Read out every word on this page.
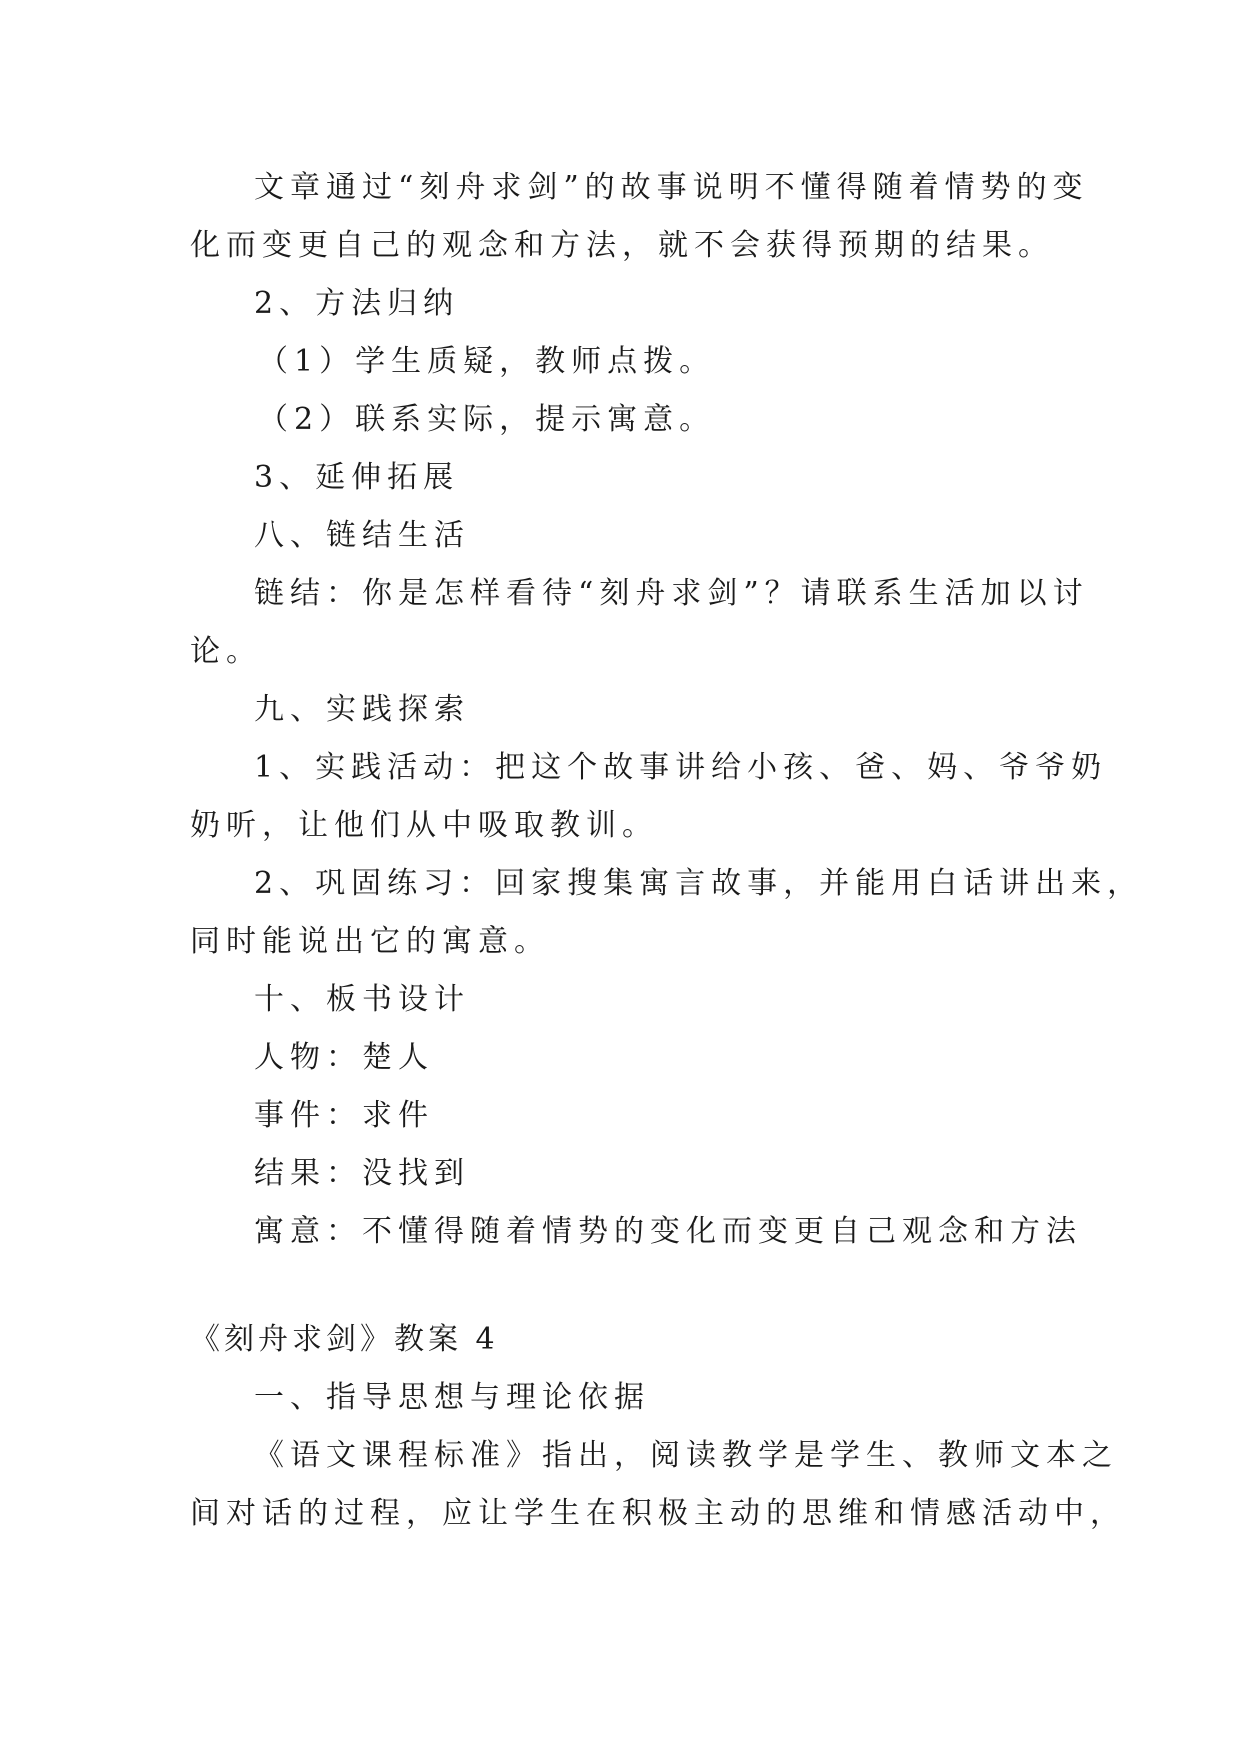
文章通过“刻舟求剑”的故事说明不懂得随着情势的变
化而变更自己的观念和方法，就不会获得预期的结果。
2、方法归纳
（1）学生质疑，教师点拨。
（2）联系实际，提示寓意。
3、延伸拓展
八、链结生活
链结：你是怎样看待“刻舟求剑”？请联系生活加以讨
论。
九、实践探索
1、实践活动：把这个故事讲给小孩、爸、妈、爷爷奶
奶听，让他们从中吸取教训。
2、巩固练习：回家搜集寓言故事，并能用白话讲出来，
同时能说出它的寓意。
十、板书设计
人物：楚人
事件：求件
结果：没找到
寓意：不懂得随着情势的变化而变更自己观念和方法
《刻舟求剑》教案 4
一、指导思想与理论依据
《语文课程标准》指出，阅读教学是学生、教师文本之
间对话的过程，应让学生在积极主动的思维和情感活动中，
